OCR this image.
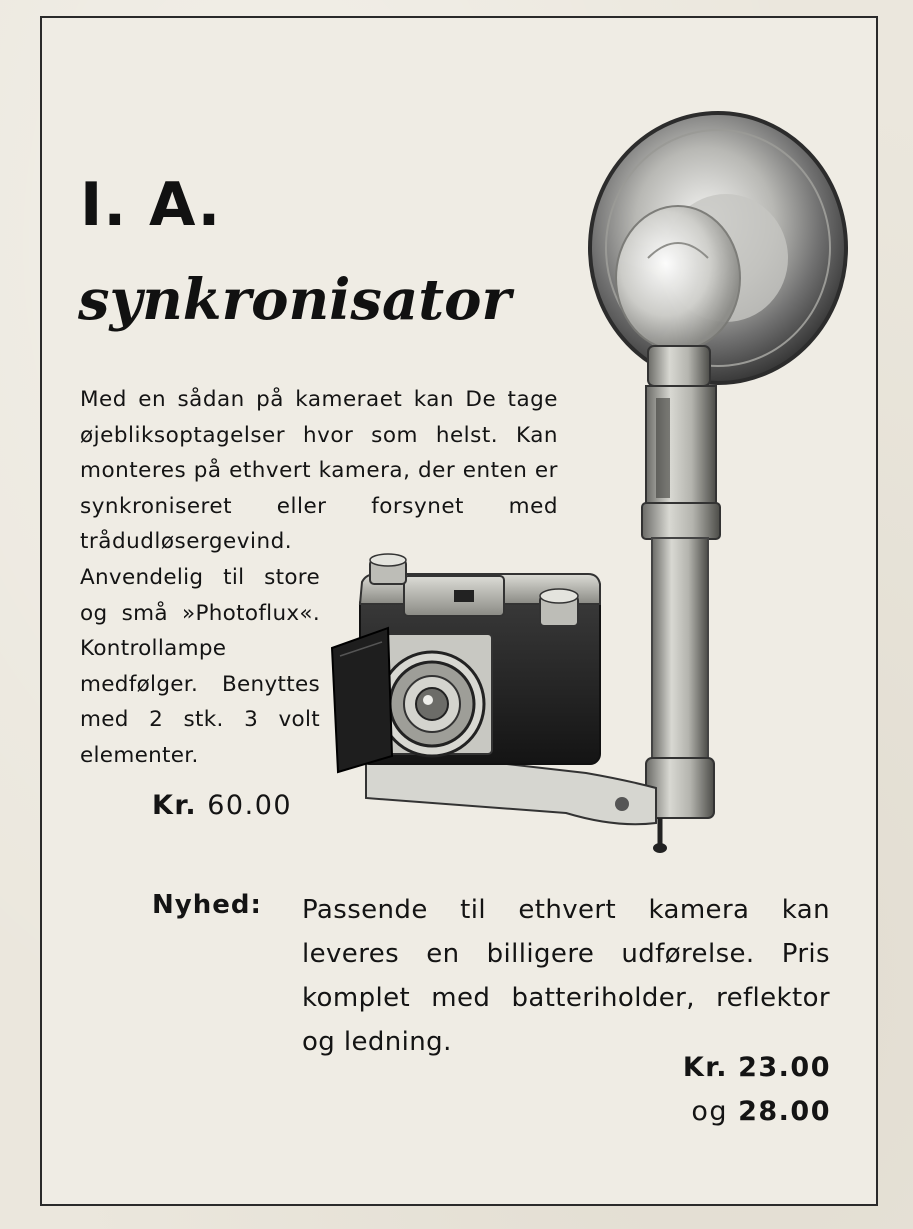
I. A.
synkronisator
Med en sådan på kameraet kan De tage øjebliksoptagelser hvor som helst. Kan monteres på ethvert kamera, der enten er synkroniseret eller forsynet med trådudløsergevind.
Anvendelig til store og små »Photoflux«. Kontrollampe medfølger. Benyttes med 2 stk. 3 volt elementer.
Kr. 60.00
Nyhed: Passende til ethvert kamera kan leveres en billigere udførelse. Pris komplet med batteriholder, reflektor og ledning.
Kr. 23.00
og 28.00
